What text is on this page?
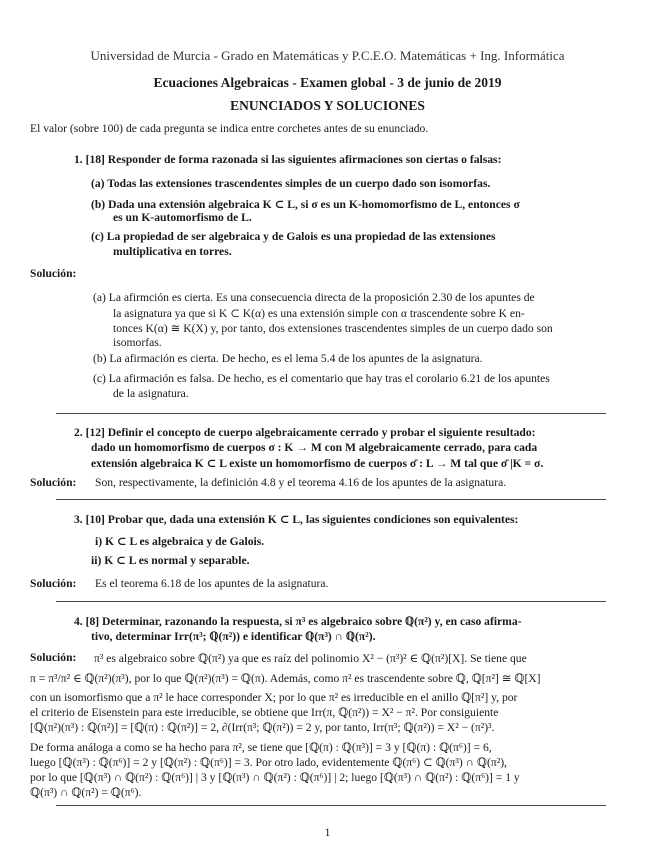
Universidad de Murcia - Grado en Matemáticas y P.C.E.O. Matemáticas + Ing. Informática
Ecuaciones Algebraicas - Examen global - 3 de junio de 2019
ENUNCIADOS Y SOLUCIONES
El valor (sobre 100) de cada pregunta se indica entre corchetes antes de su enunciado.
1. [18] Responder de forma razonada si las siguientes afirmaciones son ciertas o falsas:
(a) Todas las extensiones trascendentes simples de un cuerpo dado son isomorfas.
(b) Dada una extensión algebraica K ⊂ L, si σ es un K-homomorfismo de L, entonces σ
es un K-automorfismo de L.
(c) La propiedad de ser algebraica y de Galois es una propiedad de las extensiones
multiplicativa en torres.
Solución:
(a) La afirmción es cierta. Es una consecuencia directa de la proposición 2.30 de los apuntes de
la asignatura ya que si K ⊂ K(α) es una extensión simple con α trascendente sobre K en-
tonces K(α) ≅ K(X) y, por tanto, dos extensiones trascendentes simples de un cuerpo dado son
isomorfas.
(b) La afirmación es cierta. De hecho, es el lema 5.4 de los apuntes de la asignatura.
(c) La afirmación es falsa. De hecho, es el comentario que hay tras el corolario 6.21 de los apuntes
de la asignatura.
2. [12] Definir el concepto de cuerpo algebraicamente cerrado y probar el siguiente resultado:
dado un homomorfismo de cuerpos σ : K → M con M algebraicamente cerrado, para cada
extensión algebraica K ⊂ L existe un homomorfismo de cuerpos σ̄ : L → M tal que σ̄ |K = σ.
Solución: Son, respectivamente, la definición 4.8 y el teorema 4.16 de los apuntes de la asignatura.
3. [10] Probar que, dada una extensión K ⊂ L, las siguientes condiciones son equivalentes:
i) K ⊂ L es algebraica y de Galois.
ii) K ⊂ L es normal y separable.
Solución: Es el teorema 6.18 de los apuntes de la asignatura.
4. [8] Determinar, razonando la respuesta, si π³ es algebraico sobre ℚ(π²) y, en caso afirma-
tivo, determinar Irr(π³; ℚ(π²)) e identificar ℚ(π³) ∩ ℚ(π²).
Solución: π³ es algebraico sobre ℚ(π²) ya que es raíz del polinomio X² − (π³)² ∈ ℚ(π²)[X]. Se tiene que
π = π³/π² ∈ ℚ(π²)(π³), por lo que ℚ(π²)(π³) = ℚ(π). Además, como π² es trascendente sobre ℚ, ℚ[π²] ≅ ℚ[X]
con un isomorfismo que a π² le hace corresponder X; por lo que π² es irreducible en el anillo ℚ[π²] y, por
el criterio de Eisenstein para este irreducible, se obtiene que Irr(π, ℚ(π²)) = X² − π². Por consiguiente
[ℚ(π²)(π³) : ℚ(π²)] = [ℚ(π) : ℚ(π²)] = 2, ∂(Irr(π³; ℚ(π²)) = 2 y, por tanto, Irr(π³; ℚ(π²)) = X² − (π²)³.
De forma análoga a como se ha hecho para π², se tiene que [ℚ(π) : ℚ(π³)] = 3 y [ℚ(π) : ℚ(π⁶)] = 6,
luego [ℚ(π³) : ℚ(π⁶)] = 2 y [ℚ(π²) : ℚ(π⁶)] = 3. Por otro lado, evidentemente ℚ(π⁶) ⊂ ℚ(π³) ∩ ℚ(π²),
por lo que [ℚ(π³) ∩ ℚ(π²) : ℚ(π⁶)] | 3 y [ℚ(π³) ∩ ℚ(π²) : ℚ(π⁶)] | 2; luego [ℚ(π³) ∩ ℚ(π²) : ℚ(π⁶)] = 1 y
ℚ(π³) ∩ ℚ(π²) = ℚ(π⁶).
1
